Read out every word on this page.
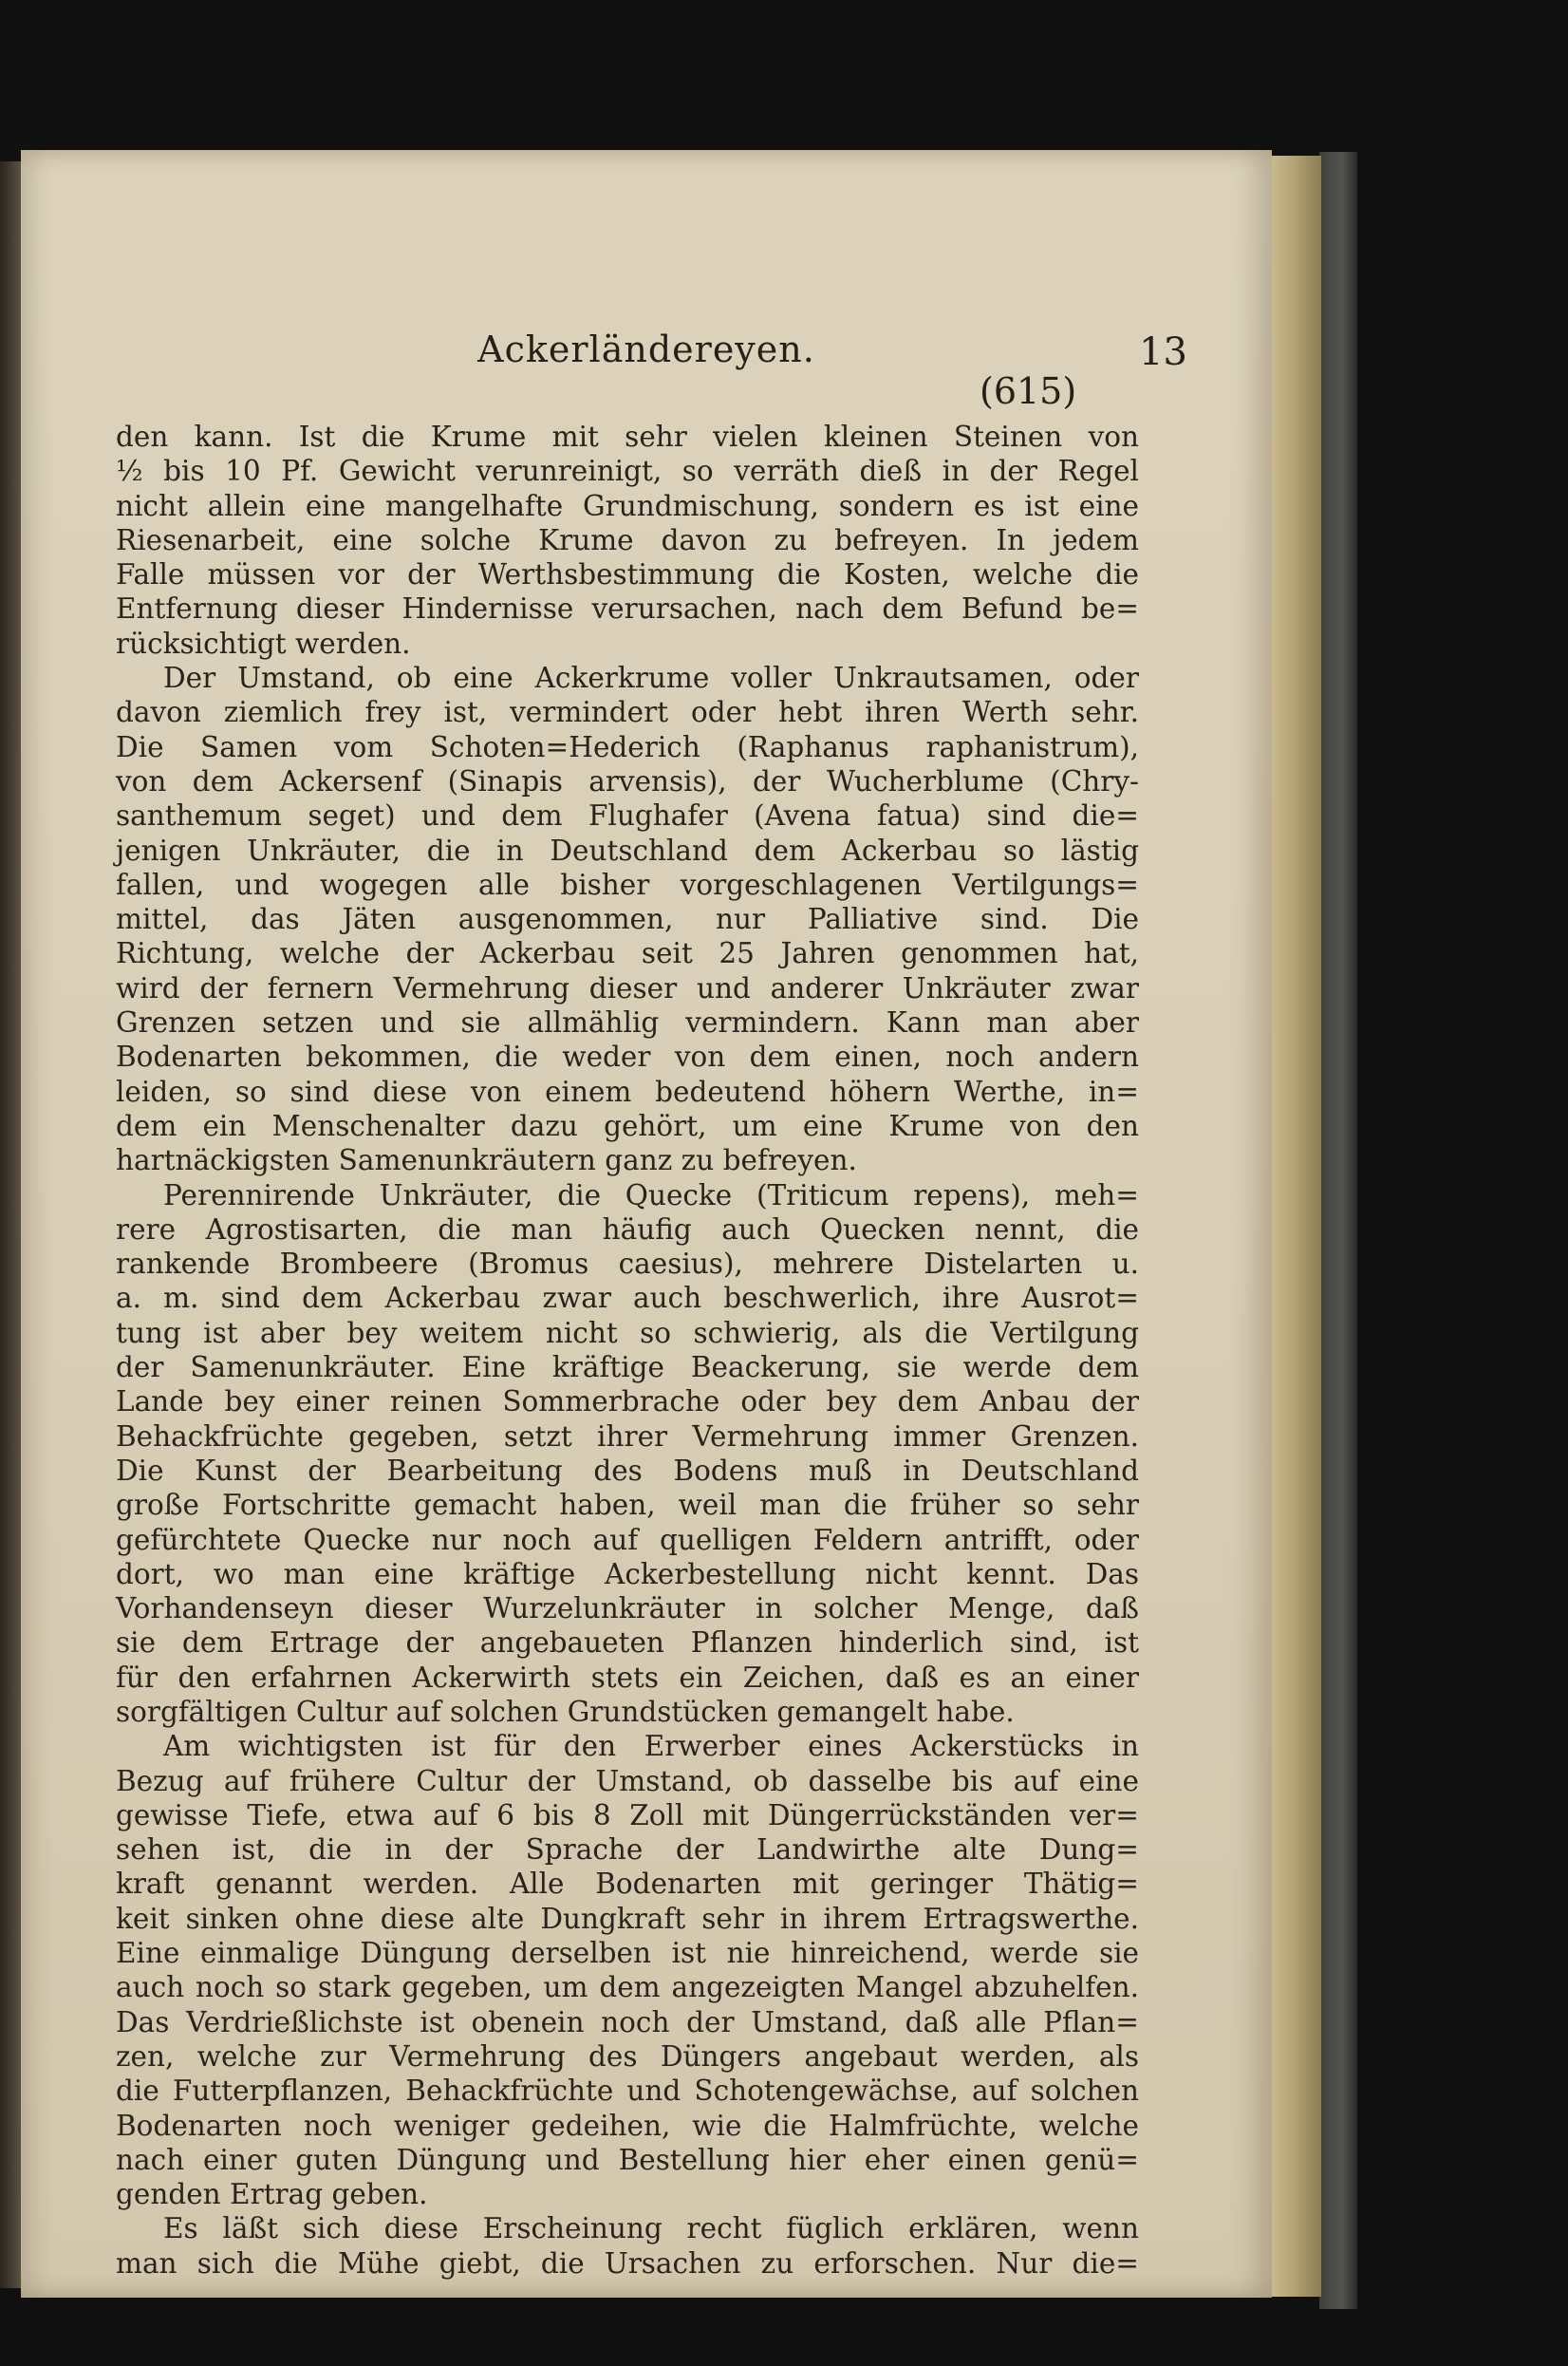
Ackerländereyen.	13
(615)
den kann. Ist die Krume mit sehr vielen kleinen Steinen von
½ bis 10 Pf. Gewicht verunreinigt, so verräth dieß in der Regel
nicht allein eine mangelhafte Grundmischung, sondern es ist eine
Riesenarbeit, eine solche Krume davon zu befreyen. In jedem
Falle müssen vor der Werthsbestimmung die Kosten, welche die
Entfernung dieser Hindernisse verursachen, nach dem Befund be=
rücksichtigt werden.
Der Umstand, ob eine Ackerkrume voller Unkrautsamen, oder
davon ziemlich frey ist, vermindert oder hebt ihren Werth sehr.
Die Samen vom Schoten=Hederich (Raphanus raphanistrum),
von dem Ackersenf (Sinapis arvensis), der Wucherblume (Chry-
santhemum seget) und dem Flughafer (Avena fatua) sind die=
jenigen Unkräuter, die in Deutschland dem Ackerbau so lästig
fallen, und wogegen alle bisher vorgeschlagenen Vertilgungs=
mittel, das Jäten ausgenommen, nur Palliative sind. Die
Richtung, welche der Ackerbau seit 25 Jahren genommen hat,
wird der fernern Vermehrung dieser und anderer Unkräuter zwar
Grenzen setzen und sie allmählig vermindern. Kann man aber
Bodenarten bekommen, die weder von dem einen, noch andern
leiden, so sind diese von einem bedeutend höhern Werthe, in=
dem ein Menschenalter dazu gehört, um eine Krume von den
hartnäckigsten Samenunkräutern ganz zu befreyen.
Perennirende Unkräuter, die Quecke (Triticum repens), meh=
rere Agrostisarten, die man häufig auch Quecken nennt, die
rankende Brombeere (Bromus caesius), mehrere Distelarten u.
a. m. sind dem Ackerbau zwar auch beschwerlich, ihre Ausrot=
tung ist aber bey weitem nicht so schwierig, als die Vertilgung
der Samenunkräuter. Eine kräftige Beackerung, sie werde dem
Lande bey einer reinen Sommerbrache oder bey dem Anbau der
Behackfrüchte gegeben, setzt ihrer Vermehrung immer Grenzen.
Die Kunst der Bearbeitung des Bodens muß in Deutschland
große Fortschritte gemacht haben, weil man die früher so sehr
gefürchtete Quecke nur noch auf quelligen Feldern antrifft, oder
dort, wo man eine kräftige Ackerbestellung nicht kennt. Das
Vorhandenseyn dieser Wurzelunkräuter in solcher Menge, daß
sie dem Ertrage der angebaueten Pflanzen hinderlich sind, ist
für den erfahrnen Ackerwirth stets ein Zeichen, daß es an einer
sorgfältigen Cultur auf solchen Grundstücken gemangelt habe.
Am wichtigsten ist für den Erwerber eines Ackerstücks in
Bezug auf frühere Cultur der Umstand, ob dasselbe bis auf eine
gewisse Tiefe, etwa auf 6 bis 8 Zoll mit Düngerrückständen ver=
sehen ist, die in der Sprache der Landwirthe alte Dung=
kraft genannt werden. Alle Bodenarten mit geringer Thätig=
keit sinken ohne diese alte Dungkraft sehr in ihrem Ertragswerthe.
Eine einmalige Düngung derselben ist nie hinreichend, werde sie
auch noch so stark gegeben, um dem angezeigten Mangel abzuhelfen.
Das Verdrießlichste ist obenein noch der Umstand, daß alle Pflan=
zen, welche zur Vermehrung des Düngers angebaut werden, als
die Futterpflanzen, Behackfrüchte und Schotengewächse, auf solchen
Bodenarten noch weniger gedeihen, wie die Halmfrüchte, welche
nach einer guten Düngung und Bestellung hier eher einen genü=
genden Ertrag geben.
Es läßt sich diese Erscheinung recht füglich erklären, wenn
man sich die Mühe giebt, die Ursachen zu erforschen. Nur die=
